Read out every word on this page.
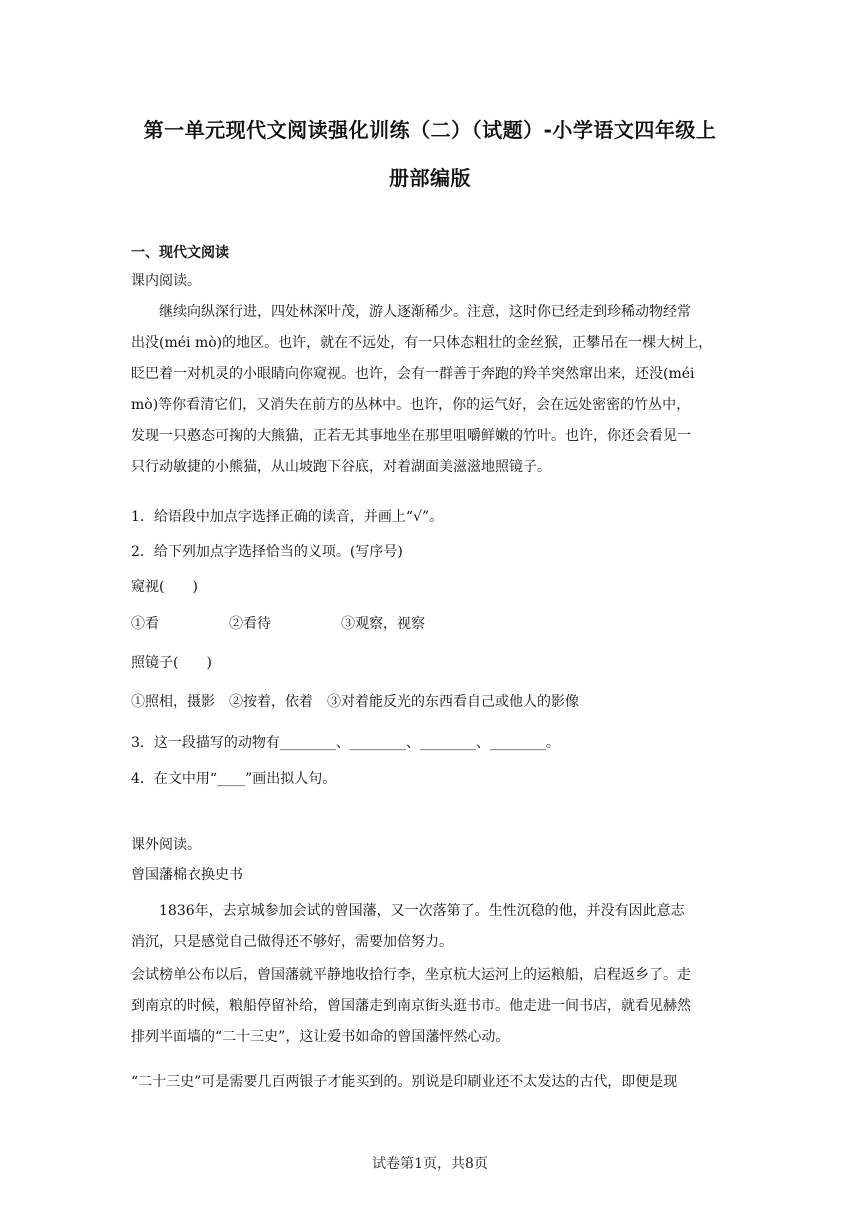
第一单元现代文阅读强化训练（二）（试题）-小学语文四年级上
册部编版
一、现代文阅读
课内阅读。
继续向纵深行进，四处林深叶茂，游人逐渐稀少。注意，这时你已经走到珍稀动物经常
出没(méi mò)的地区。也许，就在不远处，有一只体态粗壮的金丝猴，正攀吊在一棵大树上，
眨巴着一对机灵的小眼睛向你窥视。也许，会有一群善于奔跑的羚羊突然窜出来，还没(méi
mò)等你看清它们，又消失在前方的丛林中。也许，你的运气好，会在远处密密的竹丛中，
发现一只憨态可掬的大熊猫，正若无其事地坐在那里咀嚼鲜嫩的竹叶。也许，你还会看见一
只行动敏捷的小熊猫，从山坡跑下谷底，对着湖面美滋滋地照镜子。
1．给语段中加点字选择正确的读音，并画上“√”。
2．给下列加点字选择恰当的义项。(写序号)
窥视(　　)
①看　　　　　②看待　　　　　③观察，视察
照镜子(　　)
①照相，摄影　②按着，依着　③对着能反光的东西看自己或他人的影像
3．这一段描写的动物有________、________、________、________。
4．在文中用“____”画出拟人句。
课外阅读。
曾国藩棉衣换史书
1836年，去京城参加会试的曾国藩，又一次落第了。生性沉稳的他，并没有因此意志
消沉，只是感觉自己做得还不够好，需要加倍努力。
会试榜单公布以后，曾国藩就平静地收拾行李，坐京杭大运河上的运粮船，启程返乡了。走
到南京的时候，粮船停留补给，曾国藩走到南京街头逛书市。他走进一间书店，就看见赫然
排列半面墙的“二十三史”，这让爱书如命的曾国藩怦然心动。
“二十三史”可是需要几百两银子才能买到的。别说是印刷业还不太发达的古代，即便是现
试卷第1页，共8页
